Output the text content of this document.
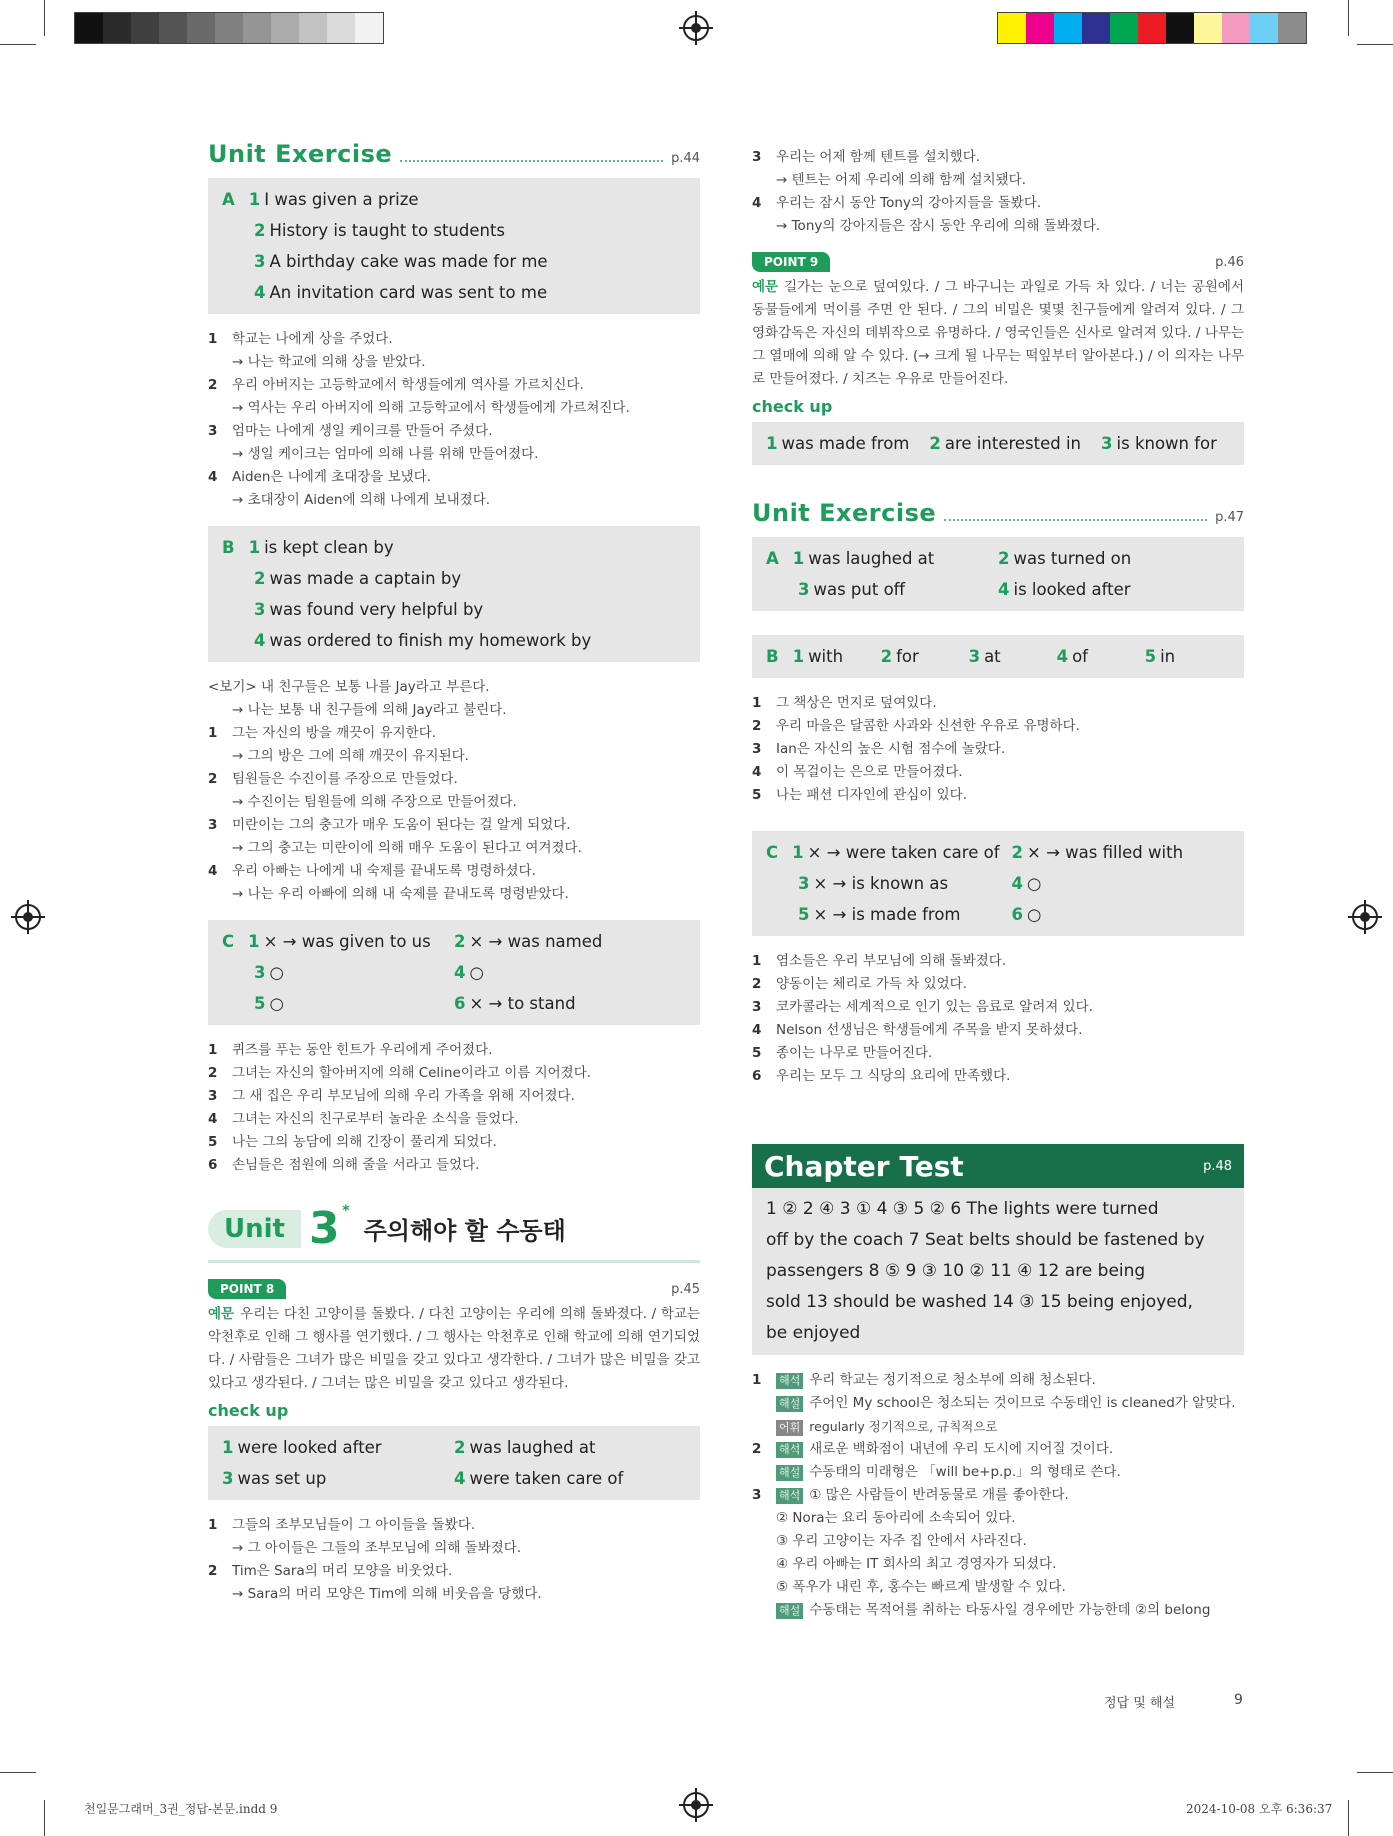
Unit Exercise	p.44
A 1 I was given a prize
2 History is taught to students
3 A birthday cake was made for me
4 An invitation card was sent to me
1	학교는 나에게 상을 주었다.
→ 나는 학교에 의해 상을 받았다.
2	우리 아버지는 고등학교에서 학생들에게 역사를 가르치신다.
→ 역사는 우리 아버지에 의해 고등학교에서 학생들에게 가르쳐진다.
3	엄마는 나에게 생일 케이크를 만들어 주셨다.
→ 생일 케이크는 엄마에 의해 나를 위해 만들어졌다.
4	Aiden은 나에게 초대장을 보냈다.
→ 초대장이 Aiden에 의해 나에게 보내졌다.
B 1 is kept clean by
2 was made a captain by
3 was found very helpful by
4 was ordered to finish my homework by
<보기> 내 친구들은 보통 나를 Jay라고 부른다.
→ 나는 보통 내 친구들에 의해 Jay라고 불린다.
1	그는 자신의 방을 깨끗이 유지한다.
→ 그의 방은 그에 의해 깨끗이 유지된다.
2	팀원들은 수진이를 주장으로 만들었다.
→ 수진이는 팀원들에 의해 주장으로 만들어졌다.
3	미란이는 그의 충고가 매우 도움이 된다는 걸 알게 되었다.
→ 그의 충고는 미란이에 의해 매우 도움이 된다고 여겨졌다.
4	우리 아빠는 나에게 내 숙제를 끝내도록 명령하셨다.
→ 나는 우리 아빠에 의해 내 숙제를 끝내도록 명령받았다.
C 1 × → was given to us	2 × → was named
3 ○	4 ○
5 ○	6 × → to stand
1	퀴즈를 푸는 동안 힌트가 우리에게 주어졌다.
2	그녀는 자신의 할아버지에 의해 Celine이라고 이름 지어졌다.
3	그 새 집은 우리 부모님에 의해 우리 가족을 위해 지어졌다.
4	그녀는 자신의 친구로부터 놀라운 소식을 들었다.
5	나는 그의 농담에 의해 긴장이 풀리게 되었다.
6	손님들은 점원에 의해 줄을 서라고 들었다.
Unit 3 *
주의해야 할 수동태
POINT 8	p.45
예문 우리는 다친 고양이를 돌봤다. / 다친 고양이는 우리에 의해 돌봐졌다. / 학교는 악천후로 인해 그 행사를 연기했다. / 그 행사는 악천후로 인해 학교에 의해 연기되었다. / 사람들은 그녀가 많은 비밀을 갖고 있다고 생각한다. / 그녀가 많은 비밀을 갖고 있다고 생각된다. / 그녀는 많은 비밀을 갖고 있다고 생각된다.
check up
1 were looked after	2 was laughed at
3 was set up	4 were taken care of
1	그들의 조부모님들이 그 아이들을 돌봤다.
→ 그 아이들은 그들의 조부모님에 의해 돌봐졌다.
2	Tim은 Sara의 머리 모양을 비웃었다.
→ Sara의 머리 모양은 Tim에 의해 비웃음을 당했다.
3	우리는 어제 함께 텐트를 설치했다.
→ 텐트는 어제 우리에 의해 함께 설치됐다.
4	우리는 잠시 동안 Tony의 강아지들을 돌봤다.
→ Tony의 강아지들은 잠시 동안 우리에 의해 돌봐졌다.
POINT 9	p.46
예문 길가는 눈으로 덮여있다. / 그 바구니는 과일로 가득 차 있다. / 너는 공원에서 동물들에게 먹이를 주면 안 된다. / 그의 비밀은 몇몇 친구들에게 알려져 있다. / 그 영화감독은 자신의 데뷔작으로 유명하다. / 영국인들은 신사로 알려져 있다. / 나무는 그 열매에 의해 알 수 있다. (→ 크게 될 나무는 떡잎부터 알아본다.) / 이 의자는 나무로 만들어졌다. / 치즈는 우유로 만들어진다.
check up
1 was made from 2 are interested in 3 is known for
Unit Exercise	p.47
A 1 was laughed at	2 was turned on
3 was put off	4 is looked after
B 1 with	2 for	3 at	4 of	5 in
1	그 책상은 먼지로 덮여있다.
2	우리 마을은 달콤한 사과와 신선한 우유로 유명하다.
3	Ian은 자신의 높은 시험 점수에 놀랐다.
4	이 목걸이는 은으로 만들어졌다.
5	나는 패션 디자인에 관심이 있다.
C 1 × → were taken care of 2 × → was filled with
3 × → is known as	4 ○
5 × → is made from	6 ○
1	염소들은 우리 부모님에 의해 돌봐졌다.
2	양동이는 체리로 가득 차 있었다.
3	코카콜라는 세계적으로 인기 있는 음료로 알려져 있다.
4	Nelson 선생님은 학생들에게 주목을 받지 못하셨다.
5	종이는 나무로 만들어진다.
6	우리는 모두 그 식당의 요리에 만족했다.
Chapter Test	p.48
1 ② 2 ④ 3 ① 4 ③ 5 ② 6 The lights were turned
off by the coach 7 Seat belts should be fastened by
passengers 8 ⑤ 9 ③ 10 ② 11 ④ 12 are being
sold 13 should be washed 14 ③ 15 being enjoyed,
be enjoyed
1	해석 우리 학교는 정기적으로 청소부에 의해 청소된다.
해설 주어인 My school은 청소되는 것이므로 수동태인 is cleaned가 알맞다.
어휘 regularly 정기적으로, 규칙적으로
2	해석 새로운 백화점이 내년에 우리 도시에 지어질 것이다.
해설 수동태의 미래형은 「will be+p.p.」의 형태로 쓴다.
3	해석 ① 많은 사람들이 반려동물로 개를 좋아한다.
② Nora는 요리 동아리에 소속되어 있다.
③ 우리 고양이는 자주 집 안에서 사라진다.
④ 우리 아빠는 IT 회사의 최고 경영자가 되셨다.
⑤ 폭우가 내린 후, 홍수는 빠르게 발생할 수 있다.
해설 수동태는 목적어를 취하는 타동사일 경우에만 가능한데 ②의 belong
정답 및 해설	9
천일문그래머_3권_정답-본문.indd 9	2024-10-08 오후 6:36:37
